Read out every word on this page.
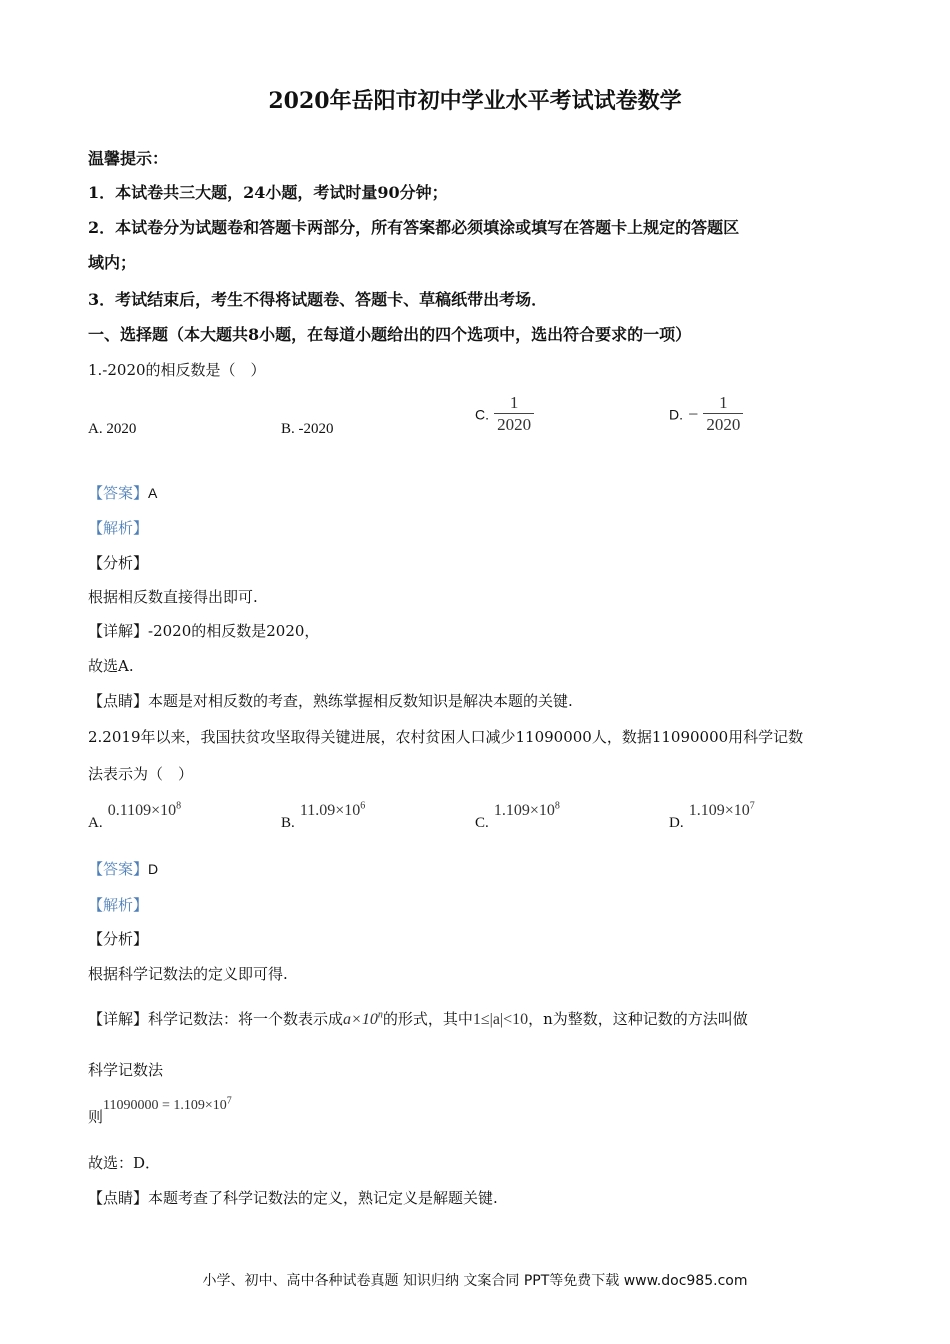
2020年岳阳市初中学业水平考试试卷数学
温馨提示：
1．本试卷共三大题，24小题，考试时量90分钟；
2．本试卷分为试题卷和答题卡两部分，所有答案都必须填涂或填写在答题卡上规定的答题区
域内；
3．考试结束后，考生不得将试题卷、答题卡、草稿纸带出考场．
一、选择题（本大题共8小题，在每道小题给出的四个选项中，选出符合要求的一项）
1.-2020的相反数是（　）
A. 2020	B. -2020
C. $\frac{1}{2020}$	D. − $\frac{1}{2020}$
【答案】A
【解析】
【分析】
根据相反数直接得出即可.
【详解】-2020的相反数是2020，
故选A.
【点睛】本题是对相反数的考查，熟练掌握相反数知识是解决本题的关键.
2.2019年以来，我国扶贫攻坚取得关键进展，农村贫困人口减少11090000人，数据11090000用科学记数
法表示为（　）
A. $0.1109\times 10^8$
B. $11.09\times 10^6$
C. $1.109\times 10^8$
D. $1.109\times 10^7$
【答案】D
【解析】
【分析】
根据科学记数法的定义即可得.
【详解】科学记数法：将一个数表示成$a\times 10^n$的形式，其中1≤|a|<10，n为整数，这种记数的方法叫做
科学记数法
则$11090000 = 1.109\times 10^7$
故选：D．
【点睛】本题考查了科学记数法的定义，熟记定义是解题关键.
小学、初中、高中各种试卷真题 知识归纳 文案合同 PPT等免费下载 www.doc985.com
